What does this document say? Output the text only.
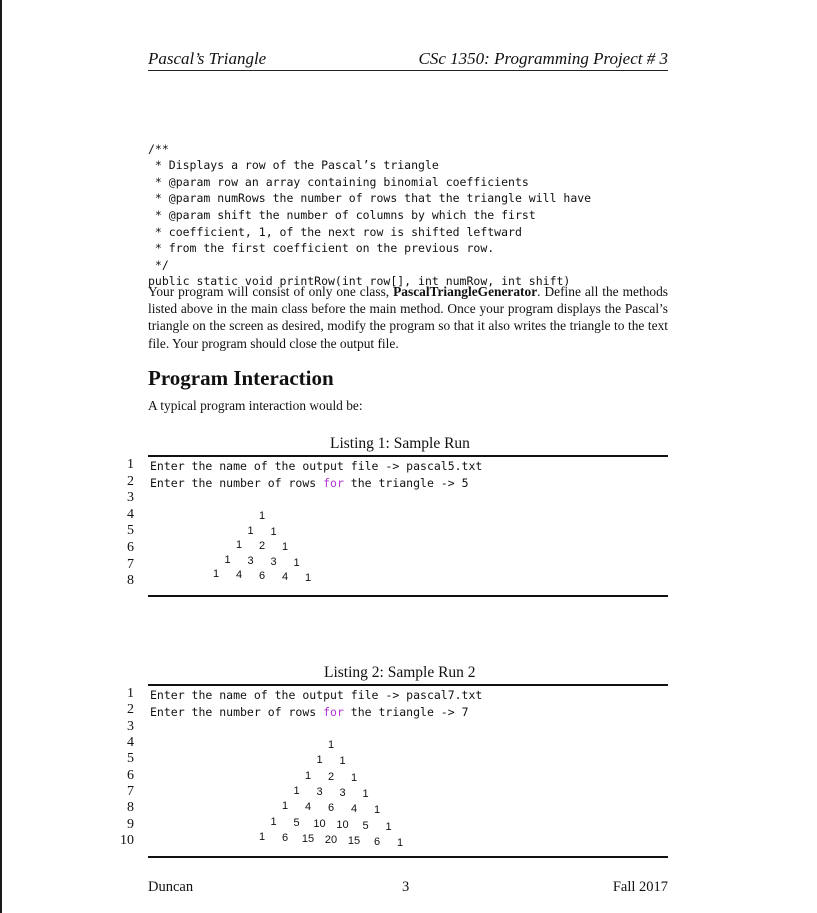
Pascal’s Triangle	CSc 1350: Programming Project # 3

/**
* Displays a row of the Pascal’s triangle
* @param row an array containing binomial coefficients
* @param numRows the number of rows that the triangle will have
* @param shift the number of columns by which the first
* coefficient, 1, of the next row is shifted leftward
* from the first coefficient on the previous row.
*/
public static void printRow(int row[], int numRow, int shift)

Your program will consist of only one class, PascalTriangleGenerator. Define all the methods listed above in the main class before the main method. Once your program displays the Pascal’s triangle on the screen as desired, modify the program so that it also writes the triangle to the text file. Your program should close the output file.
Program Interaction
A typical program interaction would be:
Listing 1: Sample Run
1
2
3
4
5
6
7
8
Enter the name of the output file -> pascal5.txt
Enter the number of rows for the triangle -> 5
1
1 1
1 2 1
1 3 3 1
1 4 6 4 1
Listing 2: Sample Run 2
1
2
3
4
5
6
7
8
9
10
Enter the name of the output file -> pascal7.txt
Enter the number of rows for the triangle -> 7
1
1 1
1 2 1
1 3 3 1
1 4 6 4 1
1 5 10 10 5 1
1 6 15 20 15 6 1
Duncan	3	Fall 2017
